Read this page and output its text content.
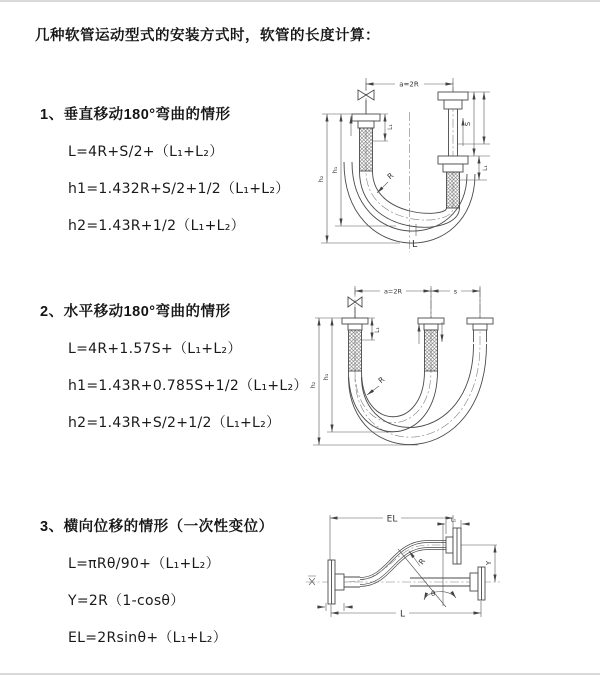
几种软管运动型式的安装方式时，软管的长度计算：
1、垂直移动180°弯曲的情形
L=4R+S/2+（L₁+L₂）
h1=1.432R+S/2+1/2（L₁+L₂）
h2=1.43R+1/2（L₁+L₂）
a=2R
h₁
h₂
L₁
S
L₁
R
L
2、水平移动180°弯曲的情形
L=4R+1.57S+（L₁+L₂）
h1=1.43R+0.785S+1/2（L₁+L₂）
h2=1.43R+S/2+1/2（L₁+L₂）
a=2R	s
h₁
h₂
L₁
R
3、横向位移的情形（一次性变位）
L=πRθ/90+（L₁+L₂）
Y=2R（1-cosθ）
EL=2Rsinθ+（L₁+L₂）
θ
R
EL	L₁
Y
L
